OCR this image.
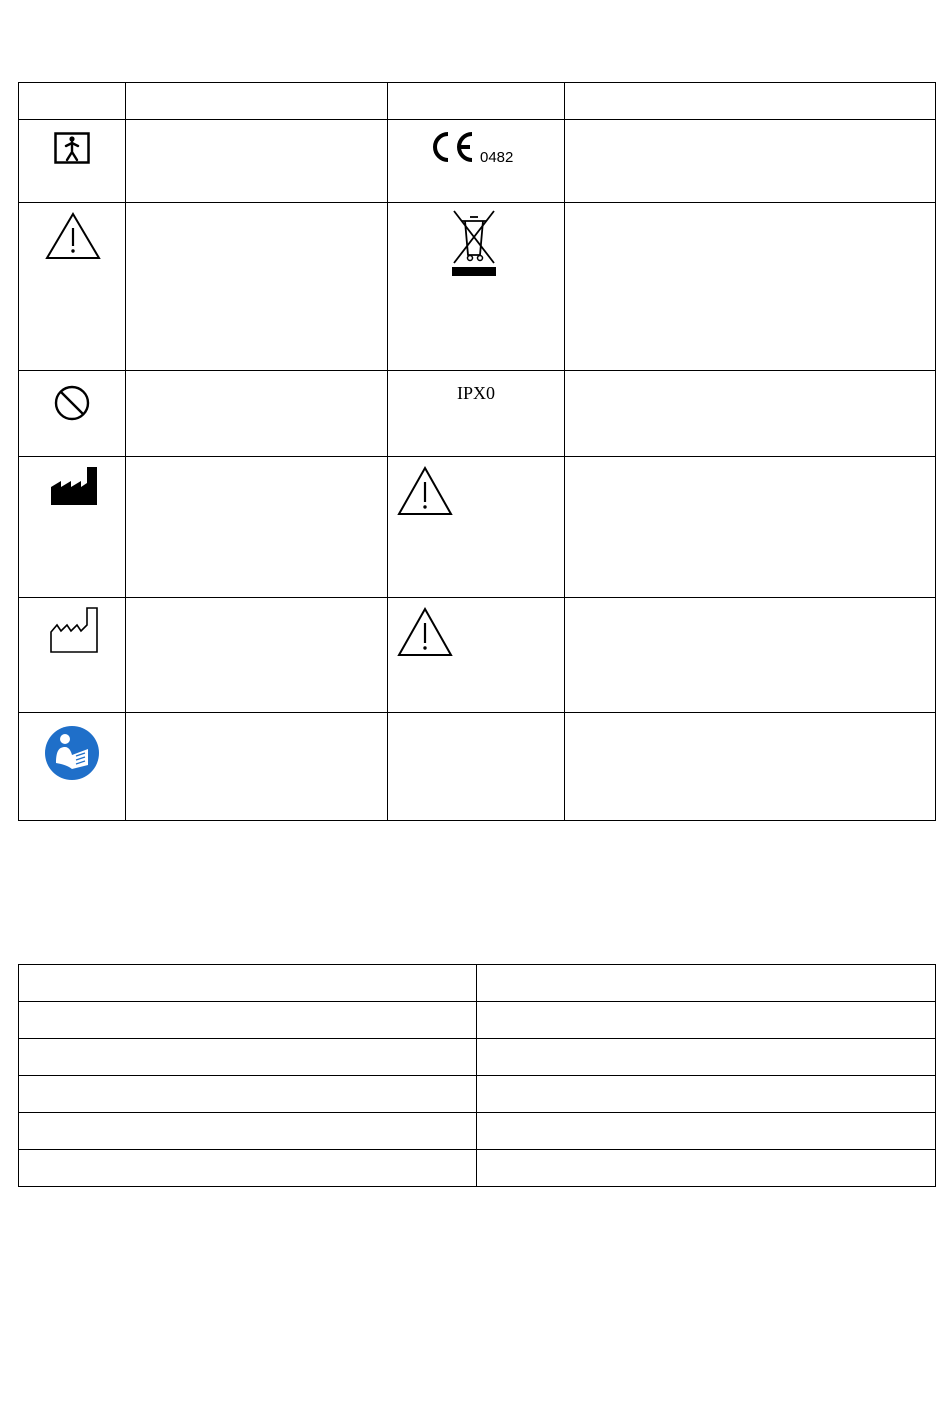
0482	

IPX0	
